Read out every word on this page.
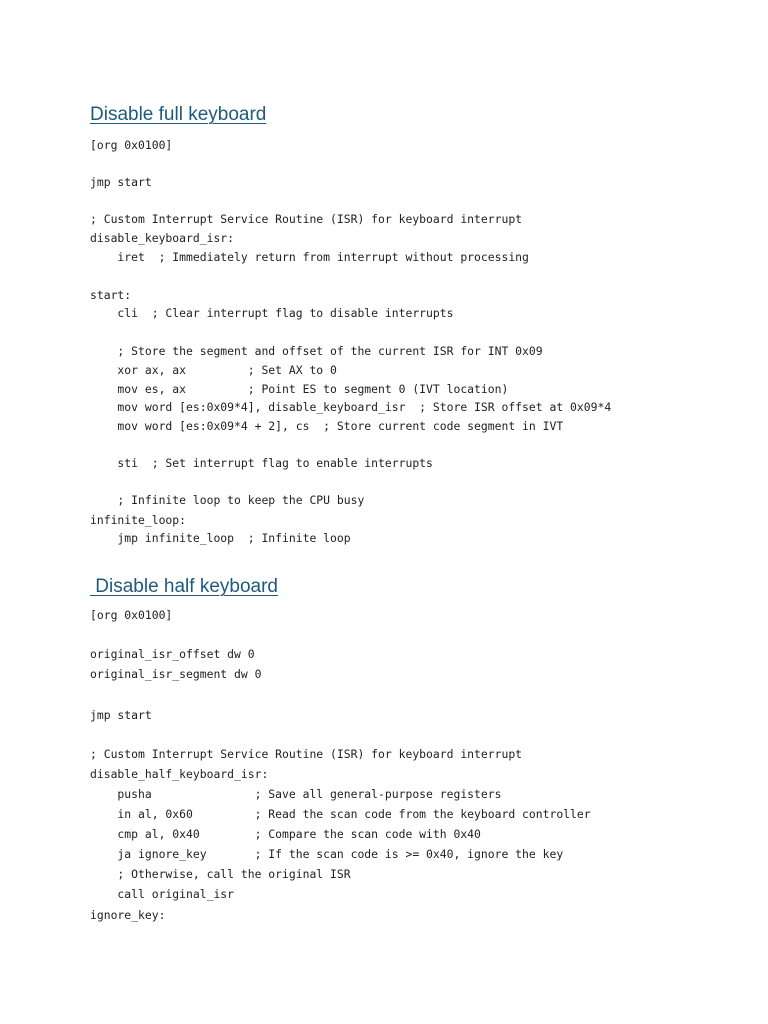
Disable full keyboard
[org 0x0100]
jmp start
; Custom Interrupt Service Routine (ISR) for keyboard interrupt
disable_keyboard_isr:
iret  ; Immediately return from interrupt without processing
start:
cli  ; Clear interrupt flag to disable interrupts
; Store the segment and offset of the current ISR for INT 0x09
xor ax, ax         ; Set AX to 0
mov es, ax         ; Point ES to segment 0 (IVT location)
mov word [es:0x09*4], disable_keyboard_isr  ; Store ISR offset at 0x09*4
mov word [es:0x09*4 + 2], cs  ; Store current code segment in IVT
sti  ; Set interrupt flag to enable interrupts
; Infinite loop to keep the CPU busy
infinite_loop:
jmp infinite_loop  ; Infinite loop
Disable half keyboard
[org 0x0100]
original_isr_offset dw 0
original_isr_segment dw 0
jmp start
; Custom Interrupt Service Routine (ISR) for keyboard interrupt
disable_half_keyboard_isr:
pusha               ; Save all general-purpose registers
in al, 0x60         ; Read the scan code from the keyboard controller
cmp al, 0x40        ; Compare the scan code with 0x40
ja ignore_key       ; If the scan code is >= 0x40, ignore the key
; Otherwise, call the original ISR
call original_isr
ignore_key:
